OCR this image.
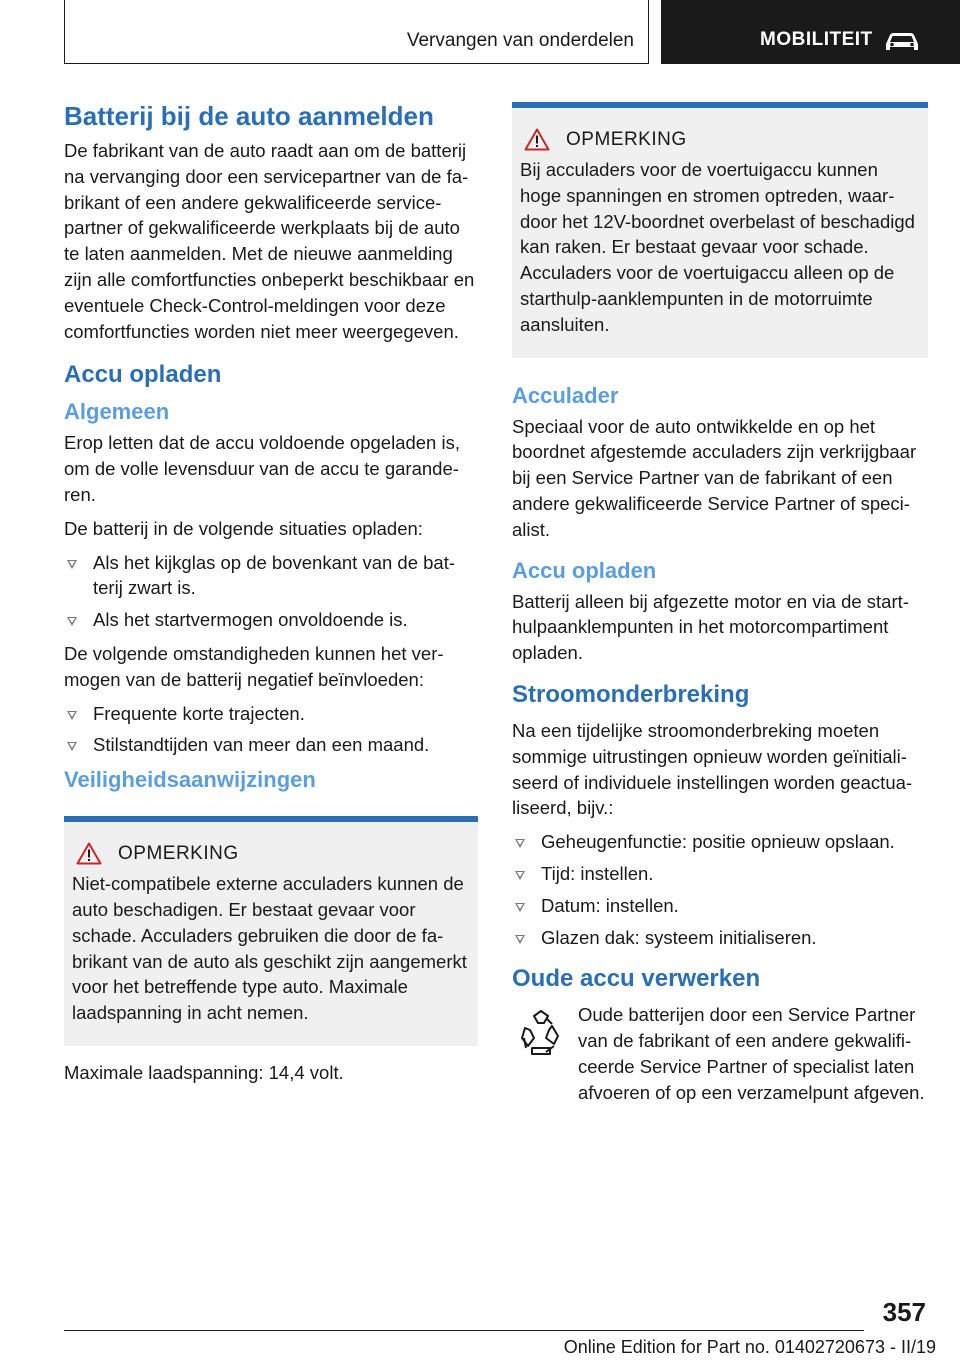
Vervangen van onderdelen	MOBILITEIT
Batterij bij de auto aanmelden

De fabrikant van de auto raadt aan om de batterij na vervanging door een servicepartner van de fabrikant of een andere gekwalificeerde servicepartner of gekwalificeerde werkplaats bij de auto te laten aanmelden. Met de nieuwe aanmelding zijn alle comfortfuncties onbeperkt beschikbaar en eventuele Check-Control-meldingen voor deze comfortfuncties worden niet meer weergegeven.

Accu opladen
Algemeen

Erop letten dat de accu voldoende opgeladen is, om de volle levensduur van de accu te garanderen.

De batterij in de volgende situaties opladen:

Als het kijkglas op de bovenkant van de batterij zwart is.
Als het startvermogen onvoldoende is.

De volgende omstandigheden kunnen het vermogen van de batterij negatief beïnvloeden:

Frequente korte trajecten.
Stilstandtijden van meer dan een maand.
Veiligheidsaanwijzingen
OPMERKING

Niet-compatibele externe acculaders kunnen de auto beschadigen. Er bestaat gevaar voor schade. Acculaders gebruiken die door de fabrikant van de auto als geschikt zijn aangemerkt voor het betreffende type auto. Maximale laadspanning in acht nemen.

Maximale laadspanning: 14,4 volt.

OPMERKING

Bij acculaders voor de voertuigaccu kunnen hoge spanningen en stromen optreden, waardoor het 12V-boordnet overbelast of beschadigd kan raken. Er bestaat gevaar voor schade. Acculaders voor de voertuigaccu alleen op de starthulp-aanklempunten in de motorruimte aansluiten.

Acculader

Speciaal voor de auto ontwikkelde en op het boordnet afgestemde acculaders zijn verkrijgbaar bij een Service Partner van de fabrikant of een andere gekwalificeerde Service Partner of specialist.

Accu opladen

Batterij alleen bij afgezette motor en via de starthulpaanklempunten in het motorcompartiment opladen.

Stroomonderbreking

Na een tijdelijke stroomonderbreking moeten sommige uitrustingen opnieuw worden geïnitialiseerd of individuele instellingen worden geactualiseerd, bijv.:

Geheugenfunctie: positie opnieuw opslaan.
Tijd: instellen.
Datum: instellen.
Glazen dak: systeem initialiseren.
Oude accu verwerken

Oude batterijen door een Service Partner van de fabrikant of een andere gekwalificeerde Service Partner of specialist laten afvoeren of op een verzamelpunt afgeven.

357
Online Edition for Part no. 01402720673 - II/19
